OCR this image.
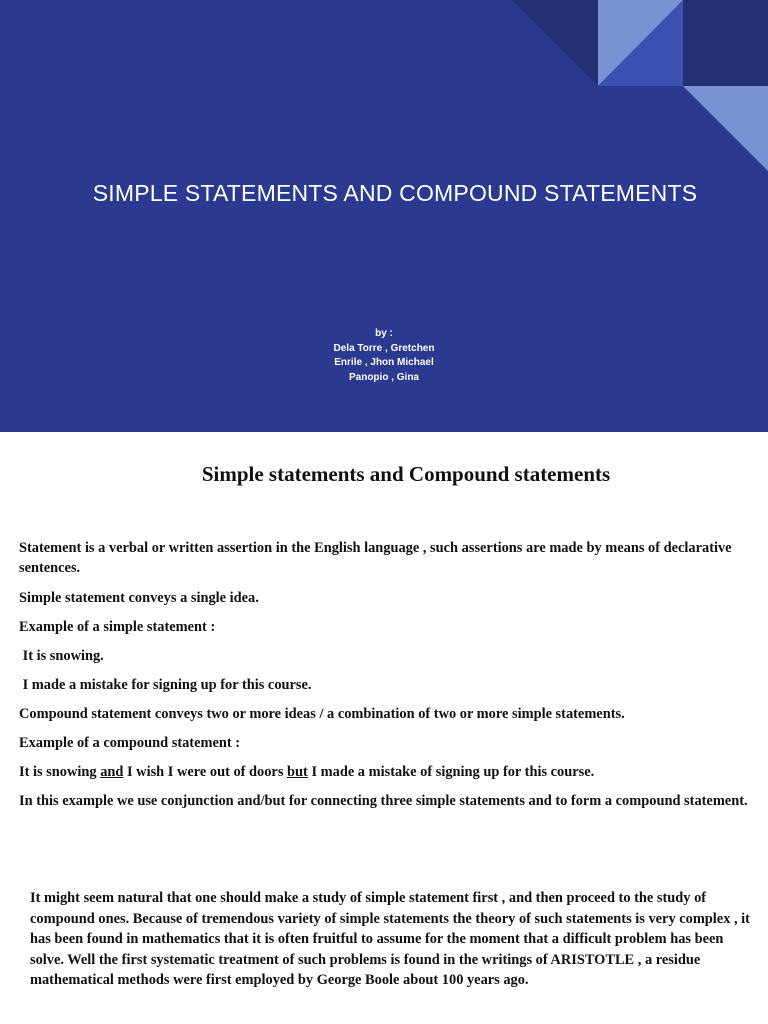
SIMPLE STATEMENTS AND COMPOUND STATEMENTS
by :
Dela Torre , Gretchen
Enrile , Jhon Michael
Panopio , Gina
Simple statements and Compound statements

Statement is a verbal or written assertion in the English language , such assertions are made by means of declarative sentences.

Simple statement conveys a single idea.

Example of a simple statement :

It is snowing.

I made a mistake for signing up for this course.

Compound statement conveys two or more ideas / a combination of two or more simple statements.

Example of a compound statement :

It is snowing and I wish I were out of doors but I made a mistake of signing up for this course.

In this example we use conjunction and/but for connecting three simple statements and to form a compound statement.

It might seem natural that one should make a study of simple statement first , and then proceed to the study of compound ones. Because of tremendous variety of simple statements the theory of such statements is very complex , it has been found in mathematics that it is often fruitful to assume for the moment that a difficult problem has been solve. Well the first systematic treatment of such problems is found in the writings of ARISTOTLE , a residue mathematical methods were first employed by George Boole about 100 years ago.
